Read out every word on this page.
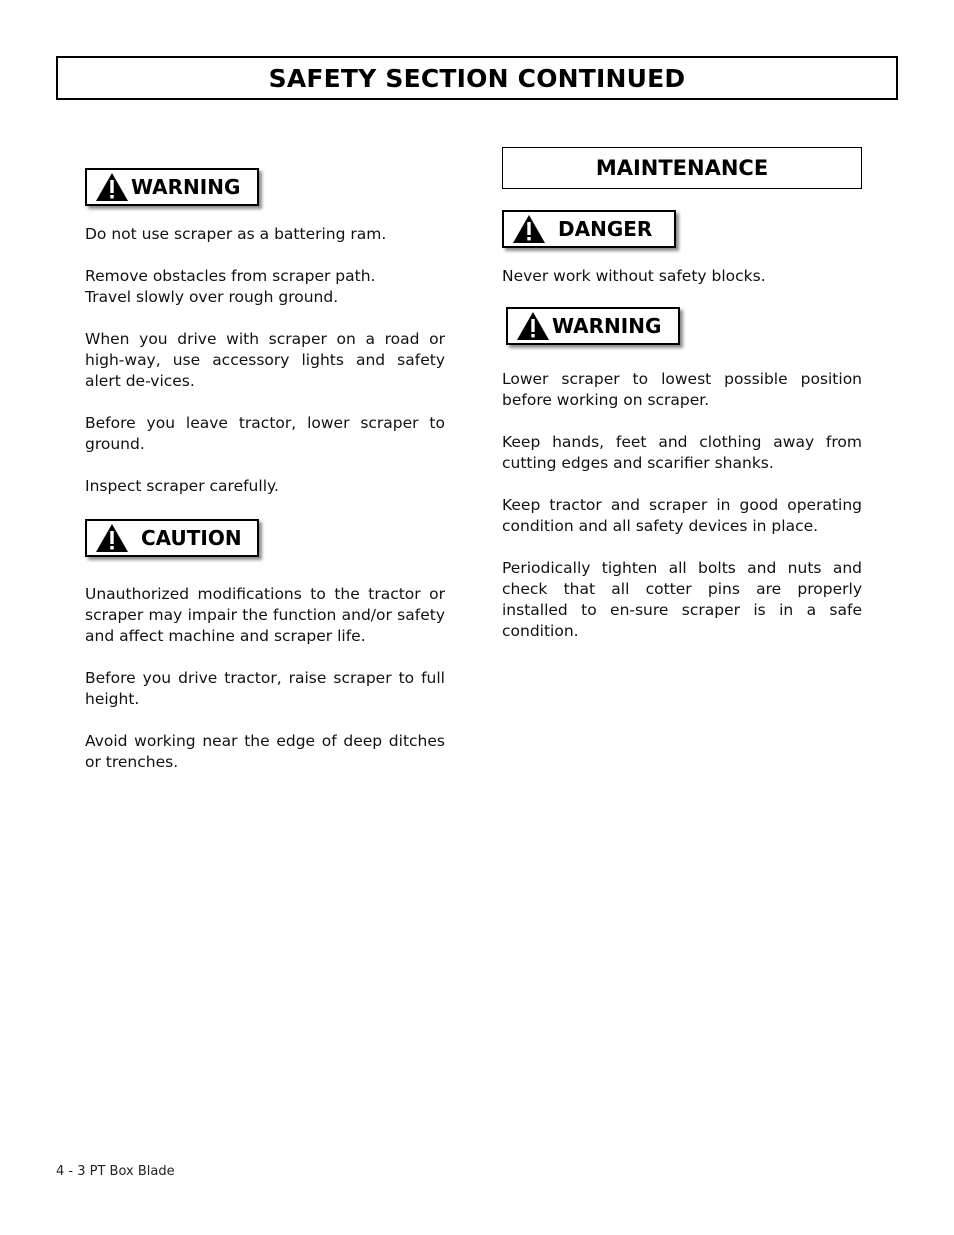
SAFETY SECTION CONTINUED
WARNING

Do not use scraper as a battering ram.

Remove obstacles from scraper path.

Travel slowly over rough ground.

When you drive with scraper on a road or high-way, use accessory lights and safety alert de-vices.

Before you leave tractor, lower scraper to ground.

Inspect scraper carefully.

CAUTION

Unauthorized modifications to the tractor or scraper may impair the function and/or safety and affect machine and scraper life.

Before you drive tractor, raise scraper to full height.

Avoid working near the edge of deep ditches or trenches.

MAINTENANCE
DANGER

Never work without safety blocks.

WARNING

Lower scraper to lowest possible position before working on scraper.

Keep hands, feet and clothing away from cutting edges and scarifier shanks.

Keep tractor and scraper in good operating condition and all safety devices in place.

Periodically tighten all bolts and nuts and check that all cotter pins are properly installed to en-sure scraper is in a safe condition.

4 - 3 PT Box Blade
